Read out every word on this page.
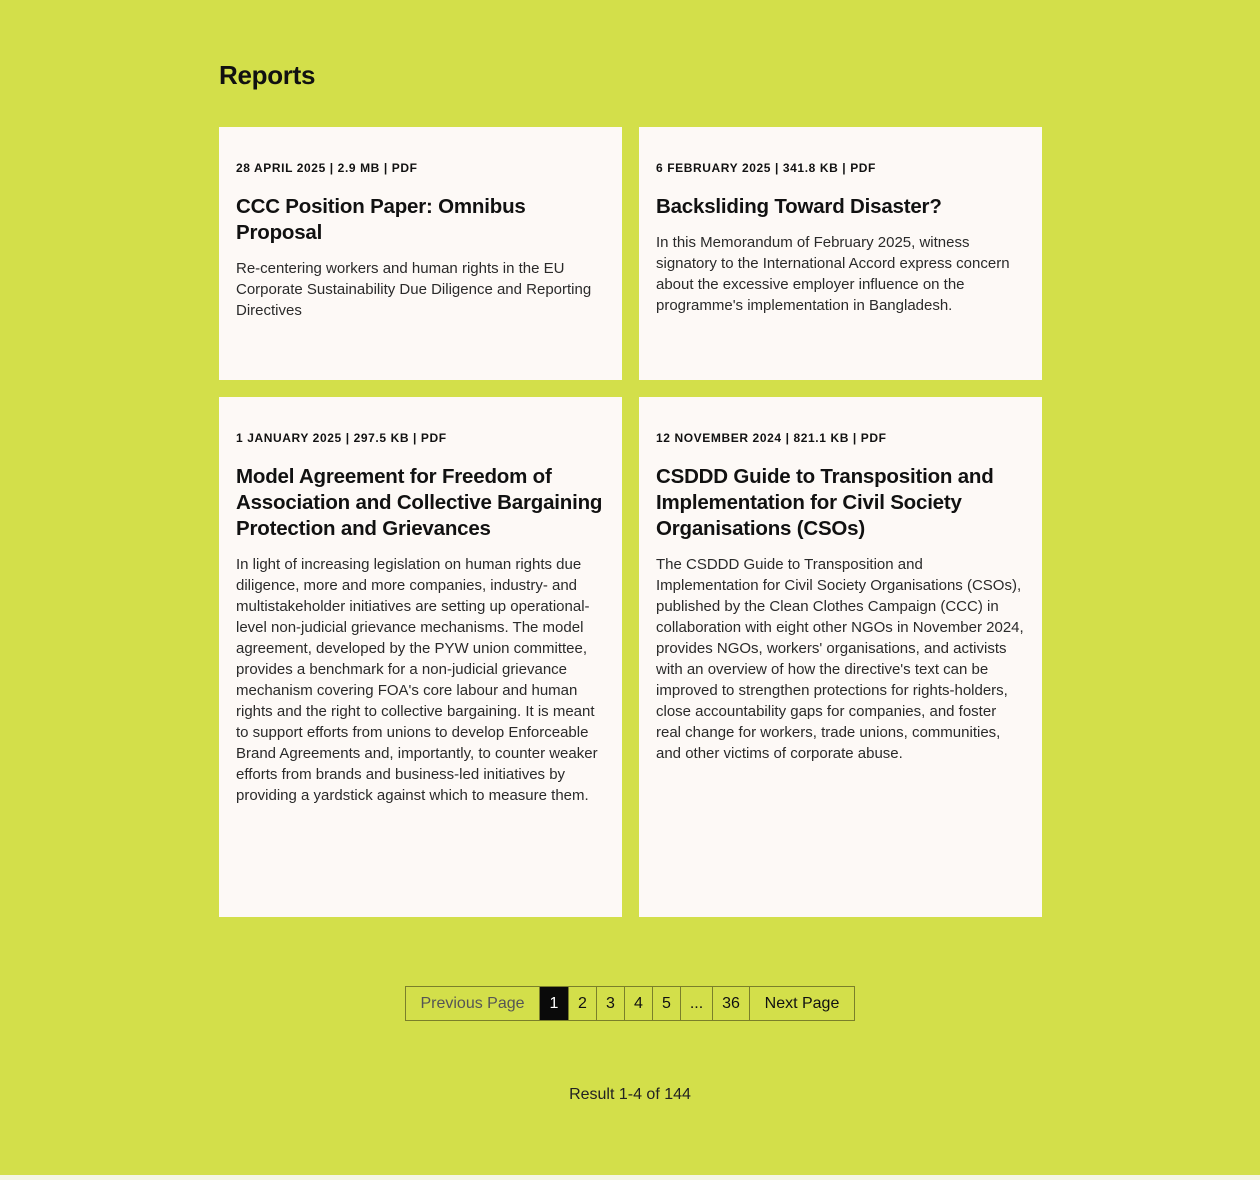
Reports

28 APRIL 2025 | 2.9 MB | PDF

CCC Position Paper: Omnibus Proposal

Re-centering workers and human rights in the EU Corporate Sustainability Due Diligence and Reporting Directives

6 FEBRUARY 2025 | 341.8 KB | PDF

Backsliding Toward Disaster?

In this Memorandum of February 2025, witness signatory to the International Accord express concern about the excessive employer influence on the programme's implementation in Bangladesh.

1 JANUARY 2025 | 297.5 KB | PDF

Model Agreement for Freedom of Association and Collective Bargaining Protection and Grievances

In light of increasing legislation on human rights due diligence, more and more companies, industry- and multistakeholder initiatives are setting up operational-level non-judicial grievance mechanisms. The model agreement, developed by the PYW union committee, provides a benchmark for a non-judicial grievance mechanism covering FOA's core labour and human rights and the right to collective bargaining. It is meant to support efforts from unions to develop Enforceable Brand Agreements and, importantly, to counter weaker efforts from brands and business-led initiatives by providing a yardstick against which to measure them.

12 NOVEMBER 2024 | 821.1 KB | PDF

CSDDD Guide to Transposition and Implementation for Civil Society Organisations (CSOs)

The CSDDD Guide to Transposition and Implementation for Civil Society Organisations (CSOs), published by the Clean Clothes Campaign (CCC) in collaboration with eight other NGOs in November 2024, provides NGOs, workers' organisations, and activists with an overview of how the directive's text can be improved to strengthen protections for rights-holders, close accountability gaps for companies, and foster real change for workers, trade unions, communities, and other victims of corporate abuse.

Previous Page	1	2	3	4	5	...	36	Next Page
Result 1-4 of 144
